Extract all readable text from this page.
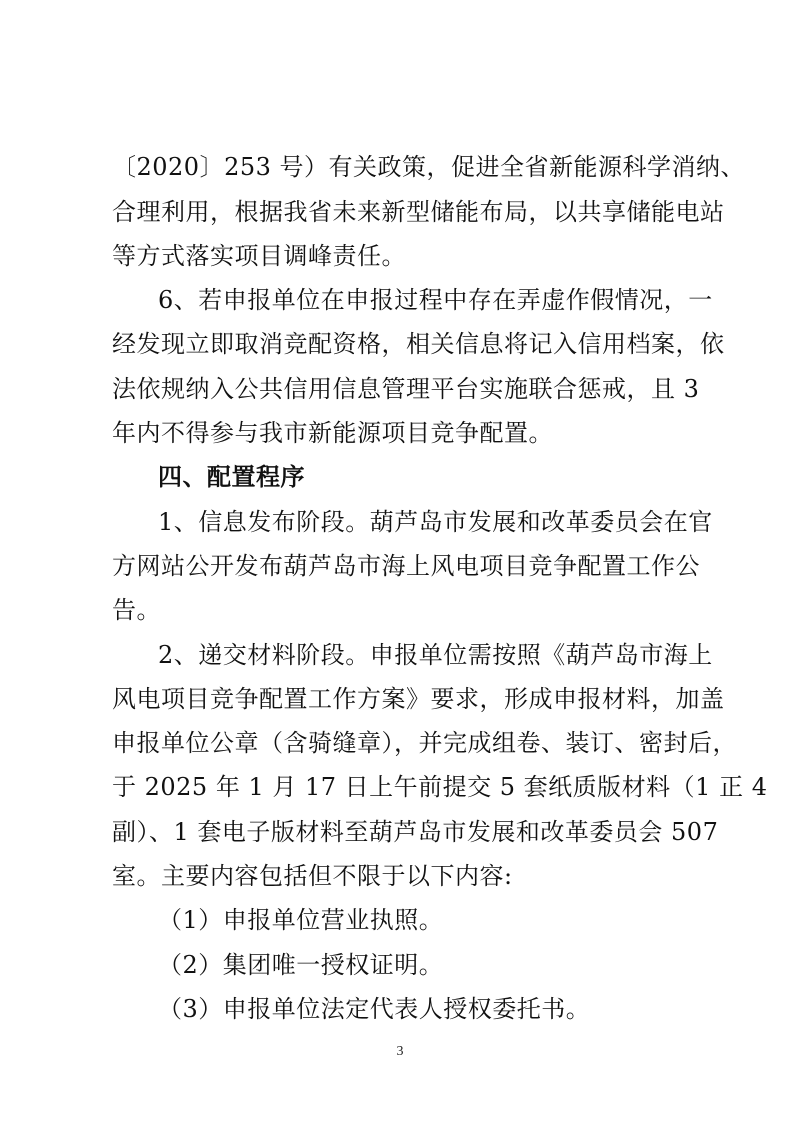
〔2020〕253 号）有关政策，促进全省新能源科学消纳、
合理利用，根据我省未来新型储能布局，以共享储能电站
等方式落实项目调峰责任。
6、若申报单位在申报过程中存在弄虚作假情况，一
经发现立即取消竞配资格，相关信息将记入信用档案，依
法依规纳入公共信用信息管理平台实施联合惩戒，且 3
年内不得参与我市新能源项目竞争配置。
四、配置程序
1、信息发布阶段。葫芦岛市发展和改革委员会在官
方网站公开发布葫芦岛市海上风电项目竞争配置工作公
告。
2、递交材料阶段。申报单位需按照《葫芦岛市海上
风电项目竞争配置工作方案》要求，形成申报材料，加盖
申报单位公章（含骑缝章），并完成组卷、装订、密封后，
于 2025 年 1 月 17 日上午前提交 5 套纸质版材料（1 正 4
副）、1 套电子版材料至葫芦岛市发展和改革委员会 507
室。主要内容包括但不限于以下内容:
（1）申报单位营业执照。
（2）集团唯一授权证明。
（3）申报单位法定代表人授权委托书。
3
